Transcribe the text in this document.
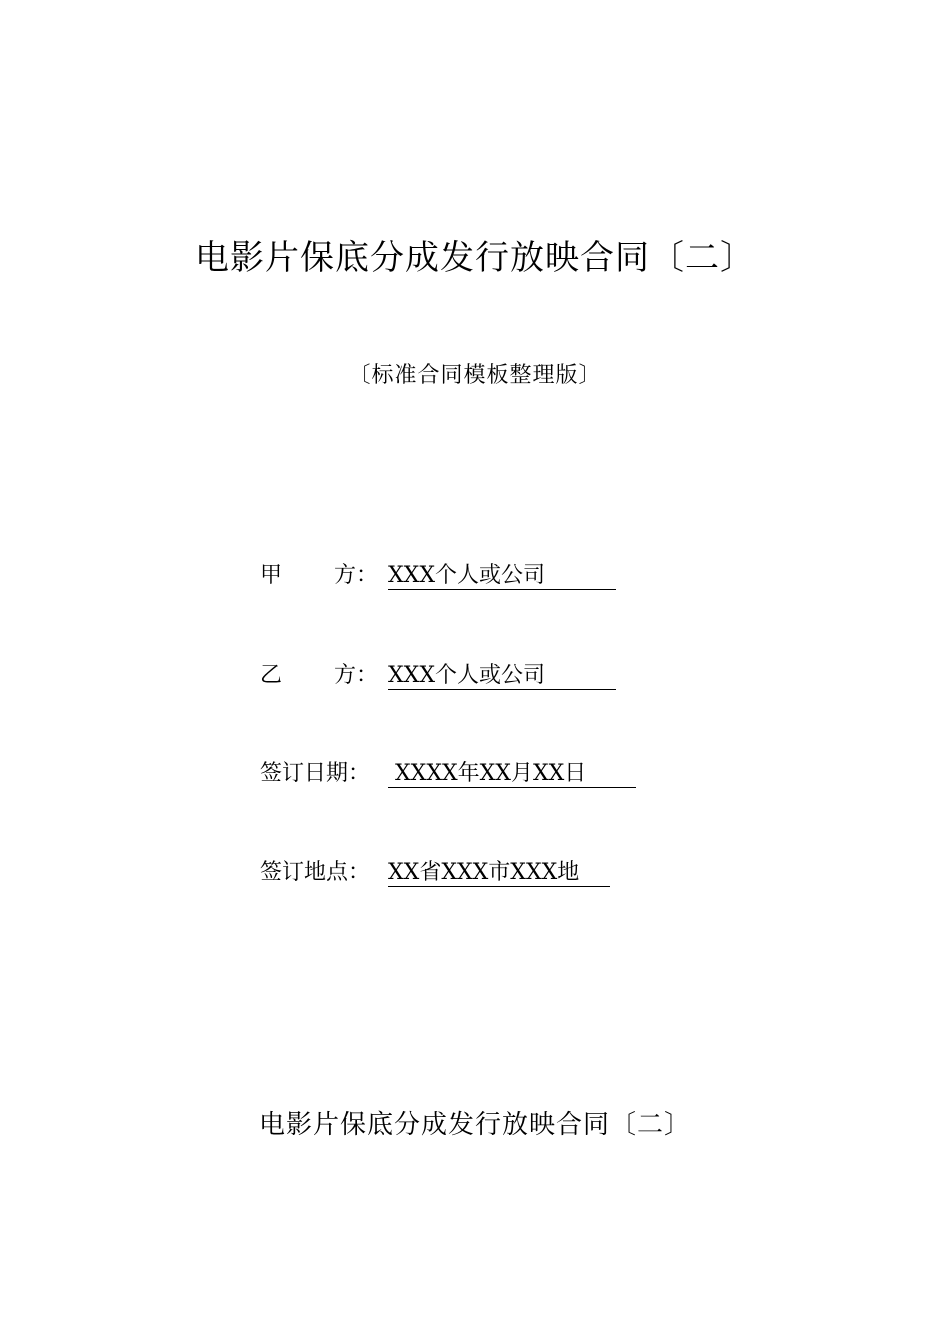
电影片保底分成发行放映合同〔二〕
〔标准合同模板整理版〕
甲 方： XXX个人或公司
乙 方： XXX个人或公司
签订日期： XXXX年XX月XX日
签订地点： XX省XXX市XXX地
电影片保底分成发行放映合同〔二〕
